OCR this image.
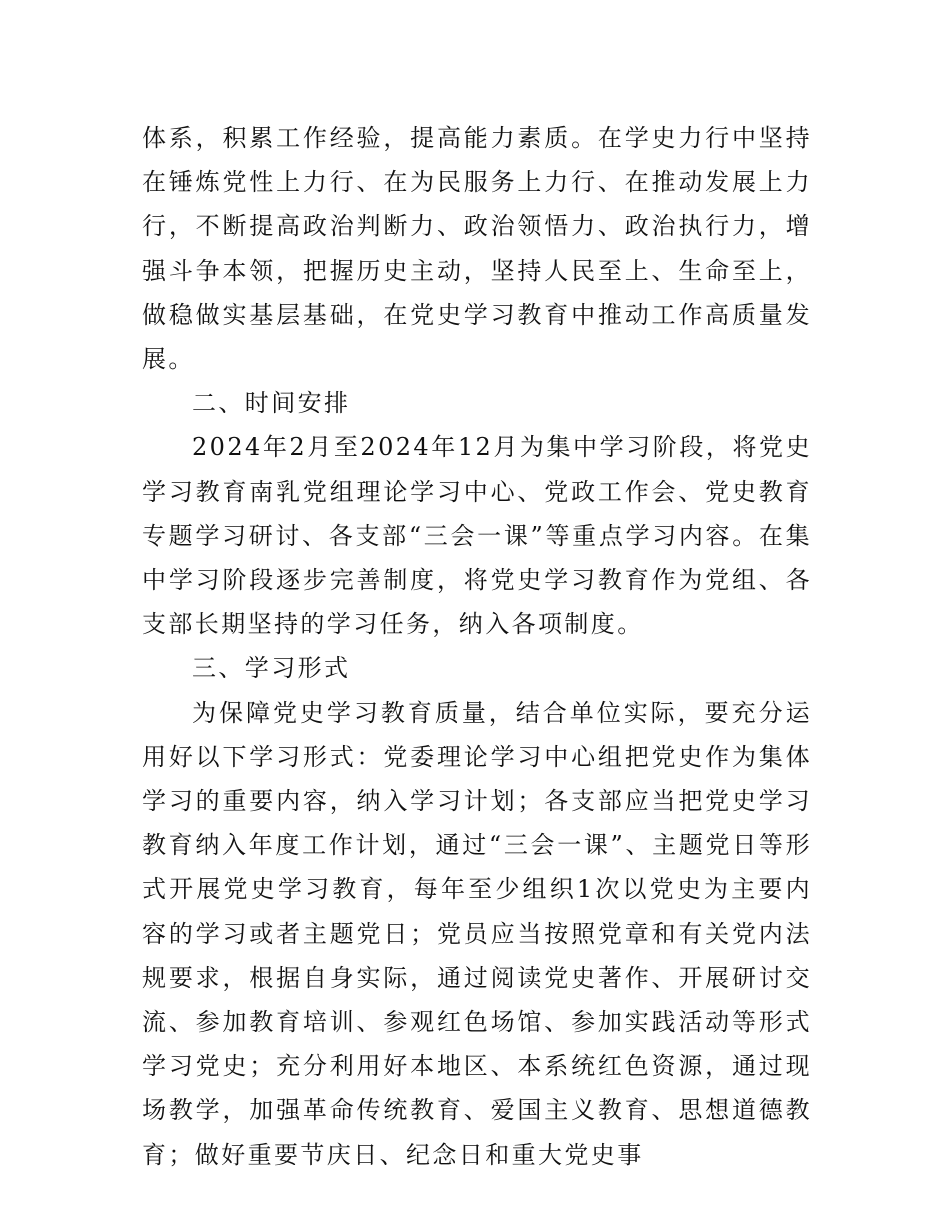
体系，积累工作经验，提高能力素质。在学史力行中坚持在锤炼党性上力行、在为民服务上力行、在推动发展上力行，不断提高政治判断力、政治领悟力、政治执行力，增强斗争本领，把握历史主动，坚持人民至上、生命至上，做稳做实基层基础，在党史学习教育中推动工作高质量发展。

二、时间安排

2024年2月至2024年12月为集中学习阶段，将党史学习教育南乳党组理论学习中心、党政工作会、党史教育专题学习研讨、各支部“三会一课”等重点学习内容。在集中学习阶段逐步完善制度，将党史学习教育作为党组、各支部长期坚持的学习任务，纳入各项制度。

三、学习形式

为保障党史学习教育质量，结合单位实际，要充分运用好以下学习形式：党委理论学习中心组把党史作为集体学习的重要内容，纳入学习计划；各支部应当把党史学习教育纳入年度工作计划，通过“三会一课”、主题党日等形式开展党史学习教育，每年至少组织1次以党史为主要内容的学习或者主题党日；党员应当按照党章和有关党内法规要求，根据自身实际，通过阅读党史著作、开展研讨交流、参加教育培训、参观红色场馆、参加实践活动等形式学习党史；充分利用好本地区、本系统红色资源，通过现场教学，加强革命传统教育、爱国主义教育、思想道德教育；做好重要节庆日、纪念日和重大党史事
